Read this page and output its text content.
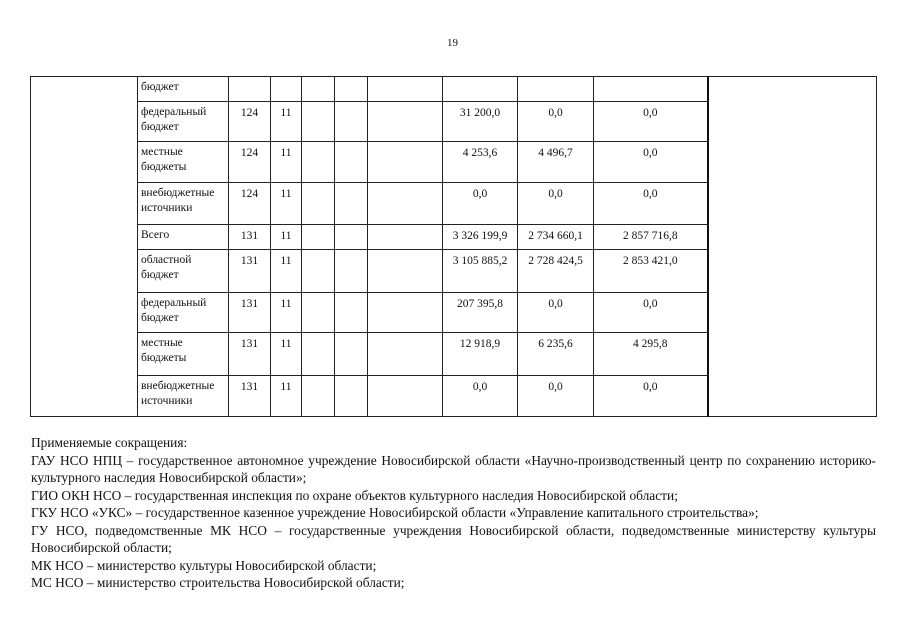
19
	бюджет										
	федеральный бюджет	124	11				31 200,0	0,0	0,0		
	местные бюджеты	124	11				4 253,6	4 496,7	0,0		
	внебюджетные источники	124	11				0,0	0,0	0,0		
	Всего	131	11				3 326 199,9	2 734 660,1	2 857 716,8		
	областной бюджет	131	11				3 105 885,2	2 728 424,5	2 853 421,0		
	федеральный бюджет	131	11				207 395,8	0,0	0,0		
	местные бюджеты	131	11				12 918,9	6 235,6	4 295,8		
	внебюджетные источники	131	11				0,0	0,0	0,0		

Применяемые сокращения:

ГАУ НСО НПЦ – государственное автономное учреждение Новосибирской области «Научно-производственный центр по сохранению историко-культурного наследия Новосибирской области»;

ГИО ОКН НСО – государственная инспекция по охране объектов культурного наследия Новосибирской области;

ГКУ НСО «УКС» – государственное казенное учреждение Новосибирской области «Управление капитального строительства»;

ГУ НСО, подведомственные МК НСО – государственные учреждения Новосибирской области, подведомственные министерству культуры Новосибирской области;

МК НСО – министерство культуры Новосибирской области;

МС НСО – министерство строительства Новосибирской области;
